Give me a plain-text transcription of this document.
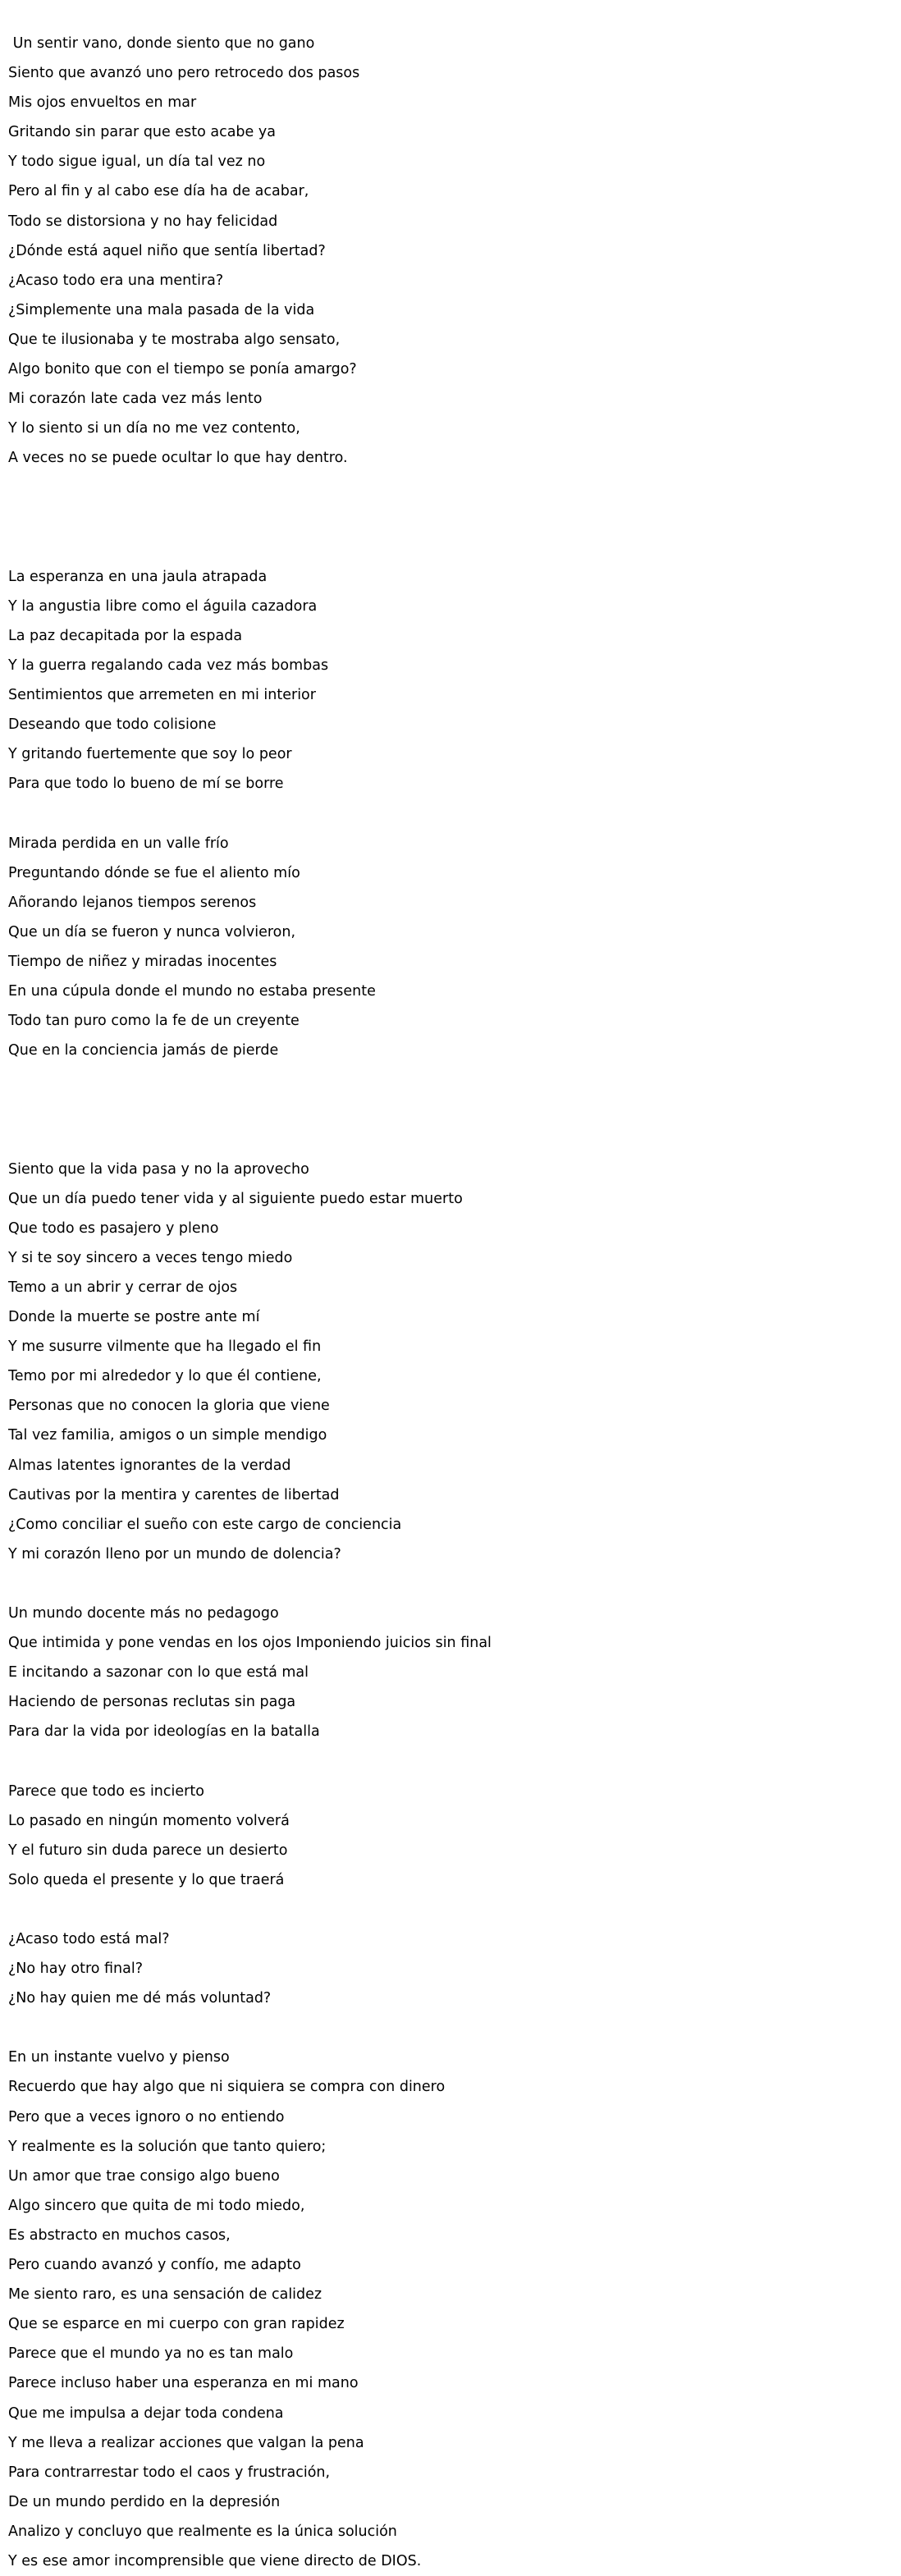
Un sentir vano, donde siento que no gano
Siento que avanzó uno pero retrocedo dos pasos
Mis ojos envueltos en mar
Gritando sin parar que esto acabe ya
Y todo sigue igual, un día tal vez no
Pero al fin y al cabo ese día ha de acabar,
Todo se distorsiona y no hay felicidad
¿Dónde está aquel niño que sentía libertad?
¿Acaso todo era una mentira?
¿Simplemente una mala pasada de la vida
Que te ilusionaba y te mostraba algo sensato,
Algo bonito que con el tiempo se ponía amargo?
Mi corazón late cada vez más lento
Y lo siento si un día no me vez contento,
A veces no se puede ocultar lo que hay dentro.
La esperanza en una jaula atrapada
Y la angustia libre como el águila cazadora
La paz decapitada por la espada
Y la guerra regalando cada vez más bombas
Sentimientos que arremeten en mi interior
Deseando que todo colisione
Y gritando fuertemente que soy lo peor
Para que todo lo bueno de mí se borre
Mirada perdida en un valle frío
Preguntando dónde se fue el aliento mío
Añorando lejanos tiempos serenos
Que un día se fueron y nunca volvieron,
Tiempo de niñez y miradas inocentes
En una cúpula donde el mundo no estaba presente
Todo tan puro como la fe de un creyente
Que en la conciencia jamás de pierde
Siento que la vida pasa y no la aprovecho
Que un día puedo tener vida y al siguiente puedo estar muerto
Que todo es pasajero y pleno
Y si te soy sincero a veces tengo miedo
Temo a un abrir y cerrar de ojos
Donde la muerte se postre ante mí
Y me susurre vilmente que ha llegado el fin
Temo por mi alrededor y lo que él contiene,
Personas que no conocen la gloria que viene
Tal vez familia, amigos o un simple mendigo
Almas latentes ignorantes de la verdad
Cautivas por la mentira y carentes de libertad
¿Como conciliar el sueño con este cargo de conciencia
Y mi corazón lleno por un mundo de dolencia?
Un mundo docente más no pedagogo
Que intimida y pone vendas en los ojos Imponiendo juicios sin final
E incitando a sazonar con lo que está mal
Haciendo de personas reclutas sin paga
Para dar la vida por ideologías en la batalla
Parece que todo es incierto
Lo pasado en ningún momento volverá
Y el futuro sin duda parece un desierto
Solo queda el presente y lo que traerá
¿Acaso todo está mal?
¿No hay otro final?
¿No hay quien me dé más voluntad?
En un instante vuelvo y pienso
Recuerdo que hay algo que ni siquiera se compra con dinero
Pero que a veces ignoro o no entiendo
Y realmente es la solución que tanto quiero;
Un amor que trae consigo algo bueno
Algo sincero que quita de mi todo miedo,
Es abstracto en muchos casos,
Pero cuando avanzó y confío, me adapto
Me siento raro, es una sensación de calidez
Que se esparce en mi cuerpo con gran rapidez
Parece que el mundo ya no es tan malo
Parece incluso haber una esperanza en mi mano
Que me impulsa a dejar toda condena
Y me lleva a realizar acciones que valgan la pena
Para contrarrestar todo el caos y frustración,
De un mundo perdido en la depresión
Analizo y concluyo que realmente es la única solución
Y es ese amor incomprensible que viene directo de DIOS.
